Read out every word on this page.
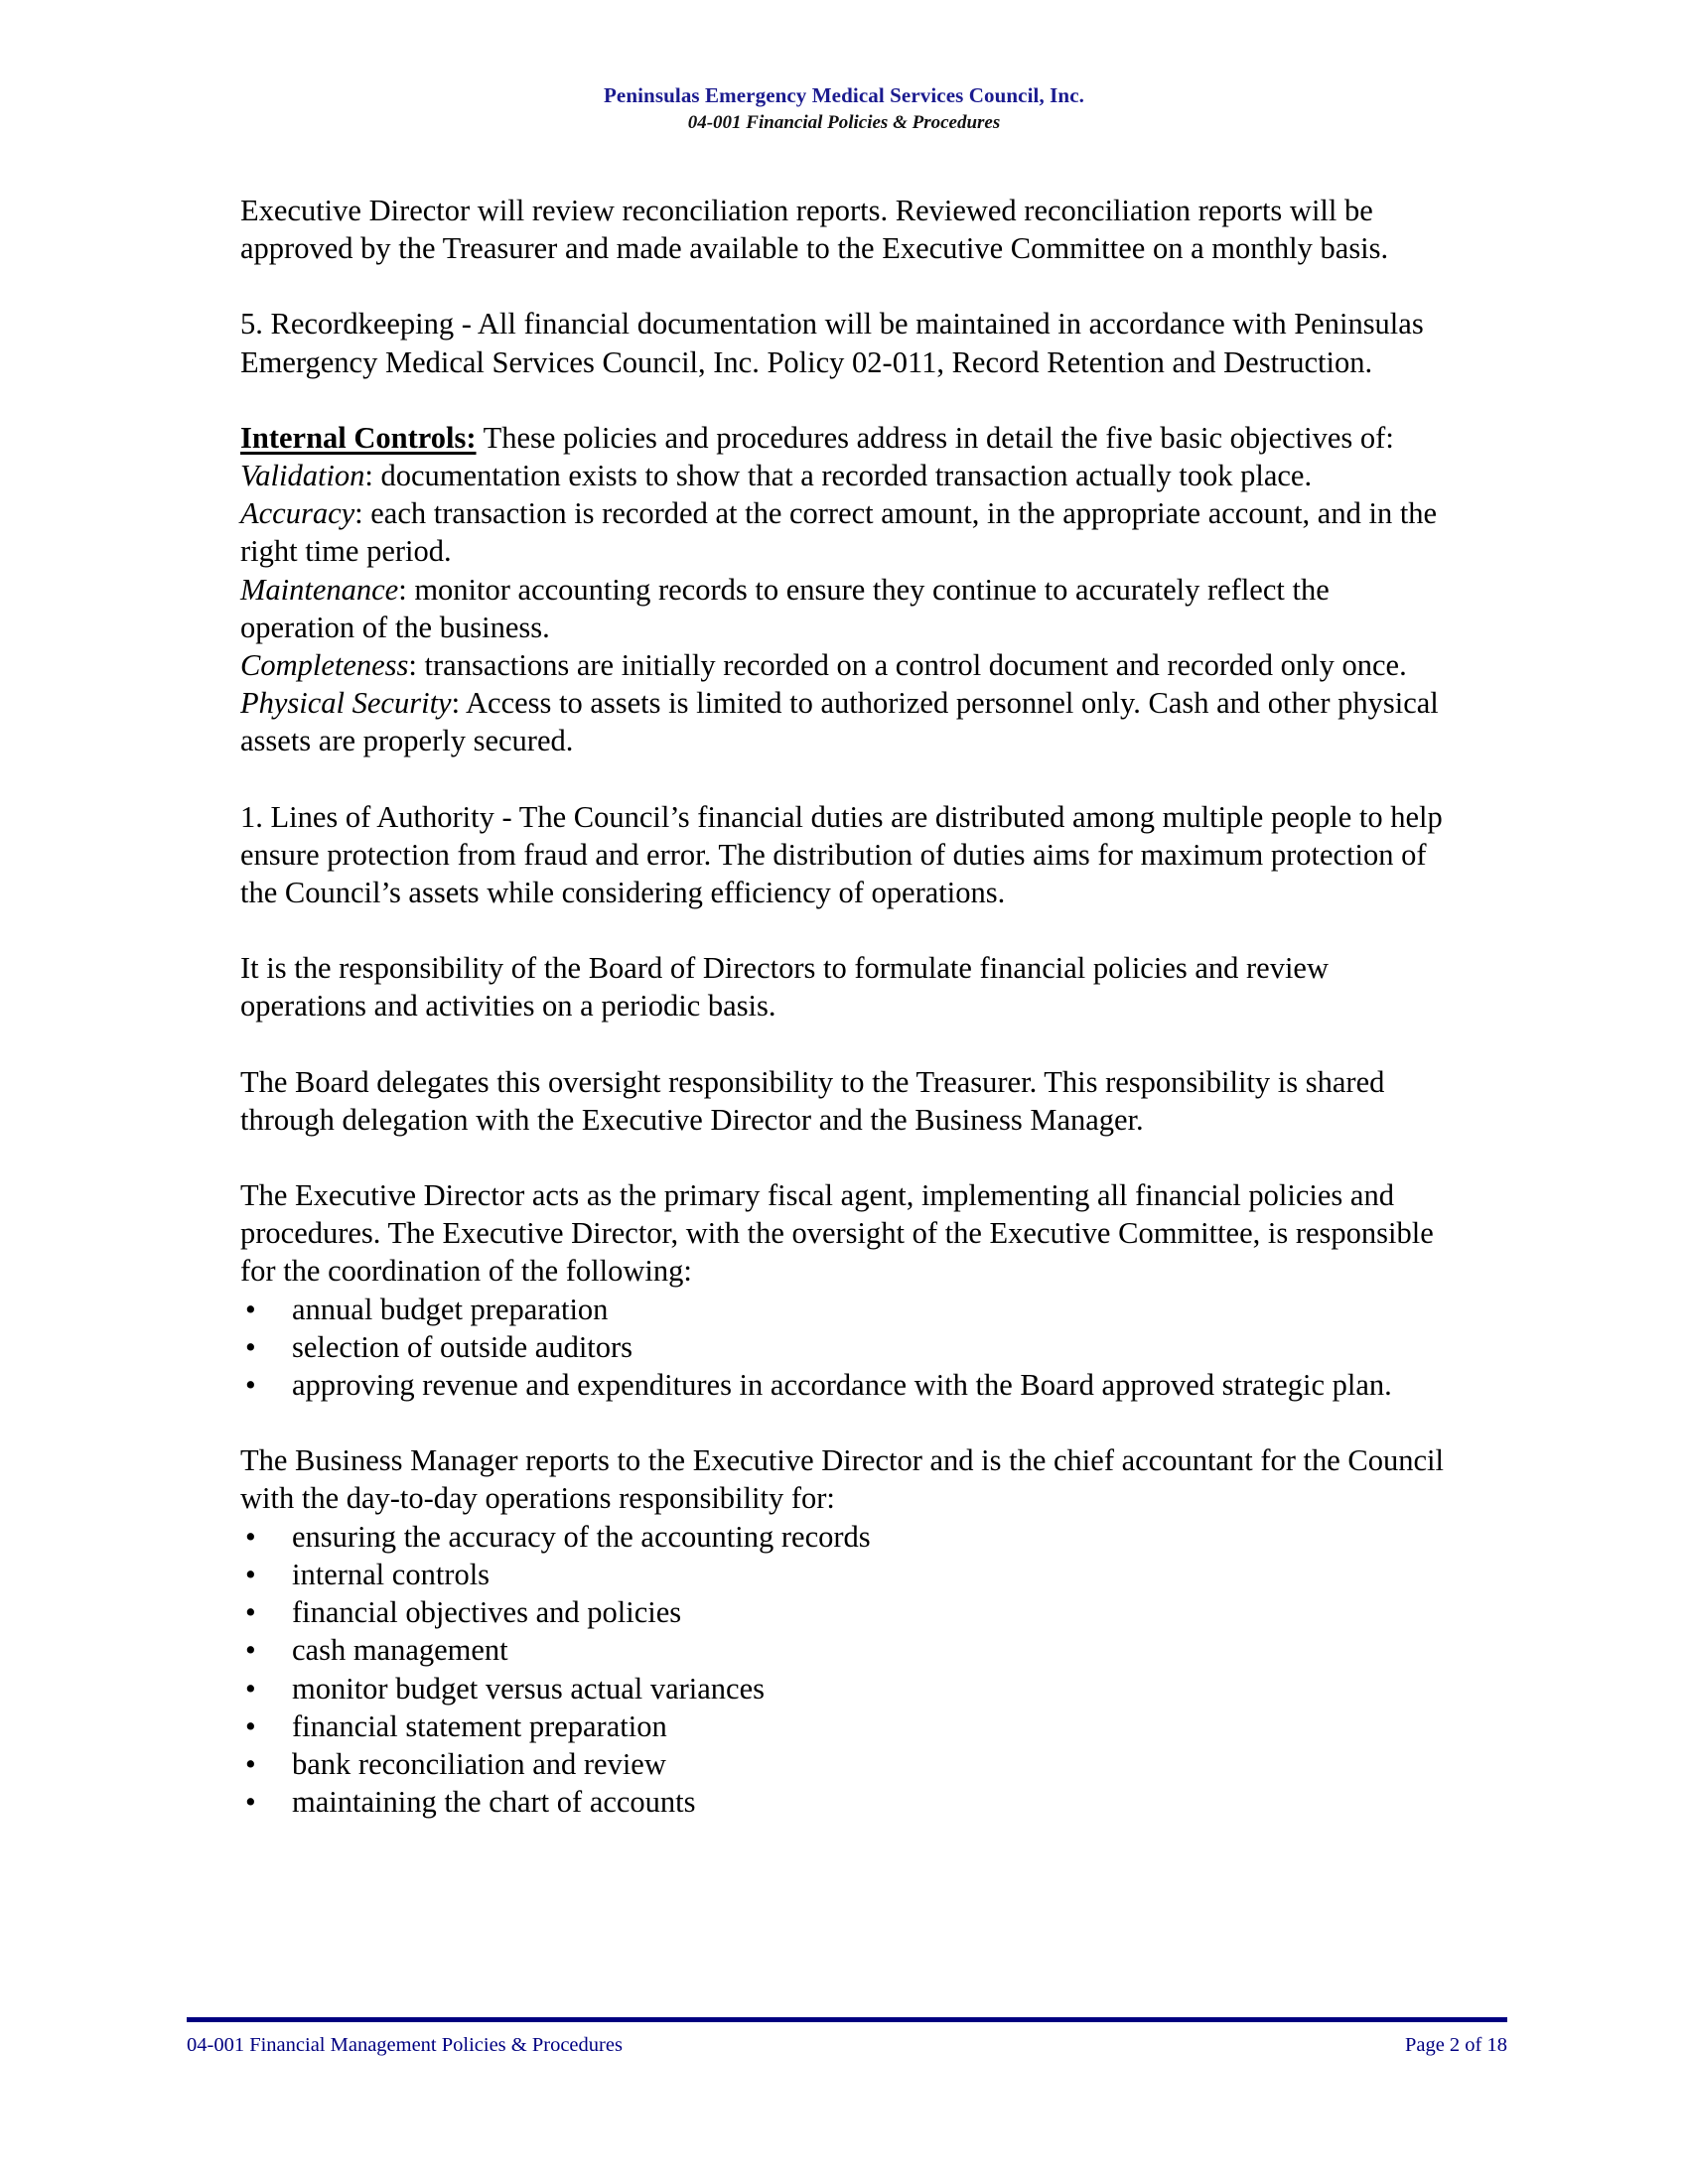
Peninsulas Emergency Medical Services Council, Inc.
04-001 Financial Policies & Procedures

Executive Director will review reconciliation reports. Reviewed reconciliation reports will be approved by the Treasurer and made available to the Executive Committee on a monthly basis.

5. Recordkeeping - All financial documentation will be maintained in accordance with Peninsulas Emergency Medical Services Council, Inc. Policy 02-011, Record Retention and Destruction.

Internal Controls: These policies and procedures address in detail the five basic objectives of:

Validation: documentation exists to show that a recorded transaction actually took place.

Accuracy: each transaction is recorded at the correct amount, in the appropriate account, and in the right time period.

Maintenance: monitor accounting records to ensure they continue to accurately reflect the operation of the business.

Completeness: transactions are initially recorded on a control document and recorded only once.

Physical Security: Access to assets is limited to authorized personnel only. Cash and other physical assets are properly secured.

1. Lines of Authority - The Council’s financial duties are distributed among multiple people to help ensure protection from fraud and error. The distribution of duties aims for maximum protection of the Council’s assets while considering efficiency of operations.

It is the responsibility of the Board of Directors to formulate financial policies and review operations and activities on a periodic basis.

The Board delegates this oversight responsibility to the Treasurer. This responsibility is shared through delegation with the Executive Director and the Business Manager.

The Executive Director acts as the primary fiscal agent, implementing all financial policies and procedures. The Executive Director, with the oversight of the Executive Committee, is responsible for the coordination of the following:

• annual budget preparation
• selection of outside auditors
• approving revenue and expenditures in accordance with the Board approved strategic plan.

The Business Manager reports to the Executive Director and is the chief accountant for the Council with the day-to-day operations responsibility for:

• ensuring the accuracy of the accounting records
• internal controls
• financial objectives and policies
• cash management
• monitor budget versus actual variances
• financial statement preparation
• bank reconciliation and review
• maintaining the chart of accounts
04-001 Financial Management Policies & Procedures	Page 2 of 18
